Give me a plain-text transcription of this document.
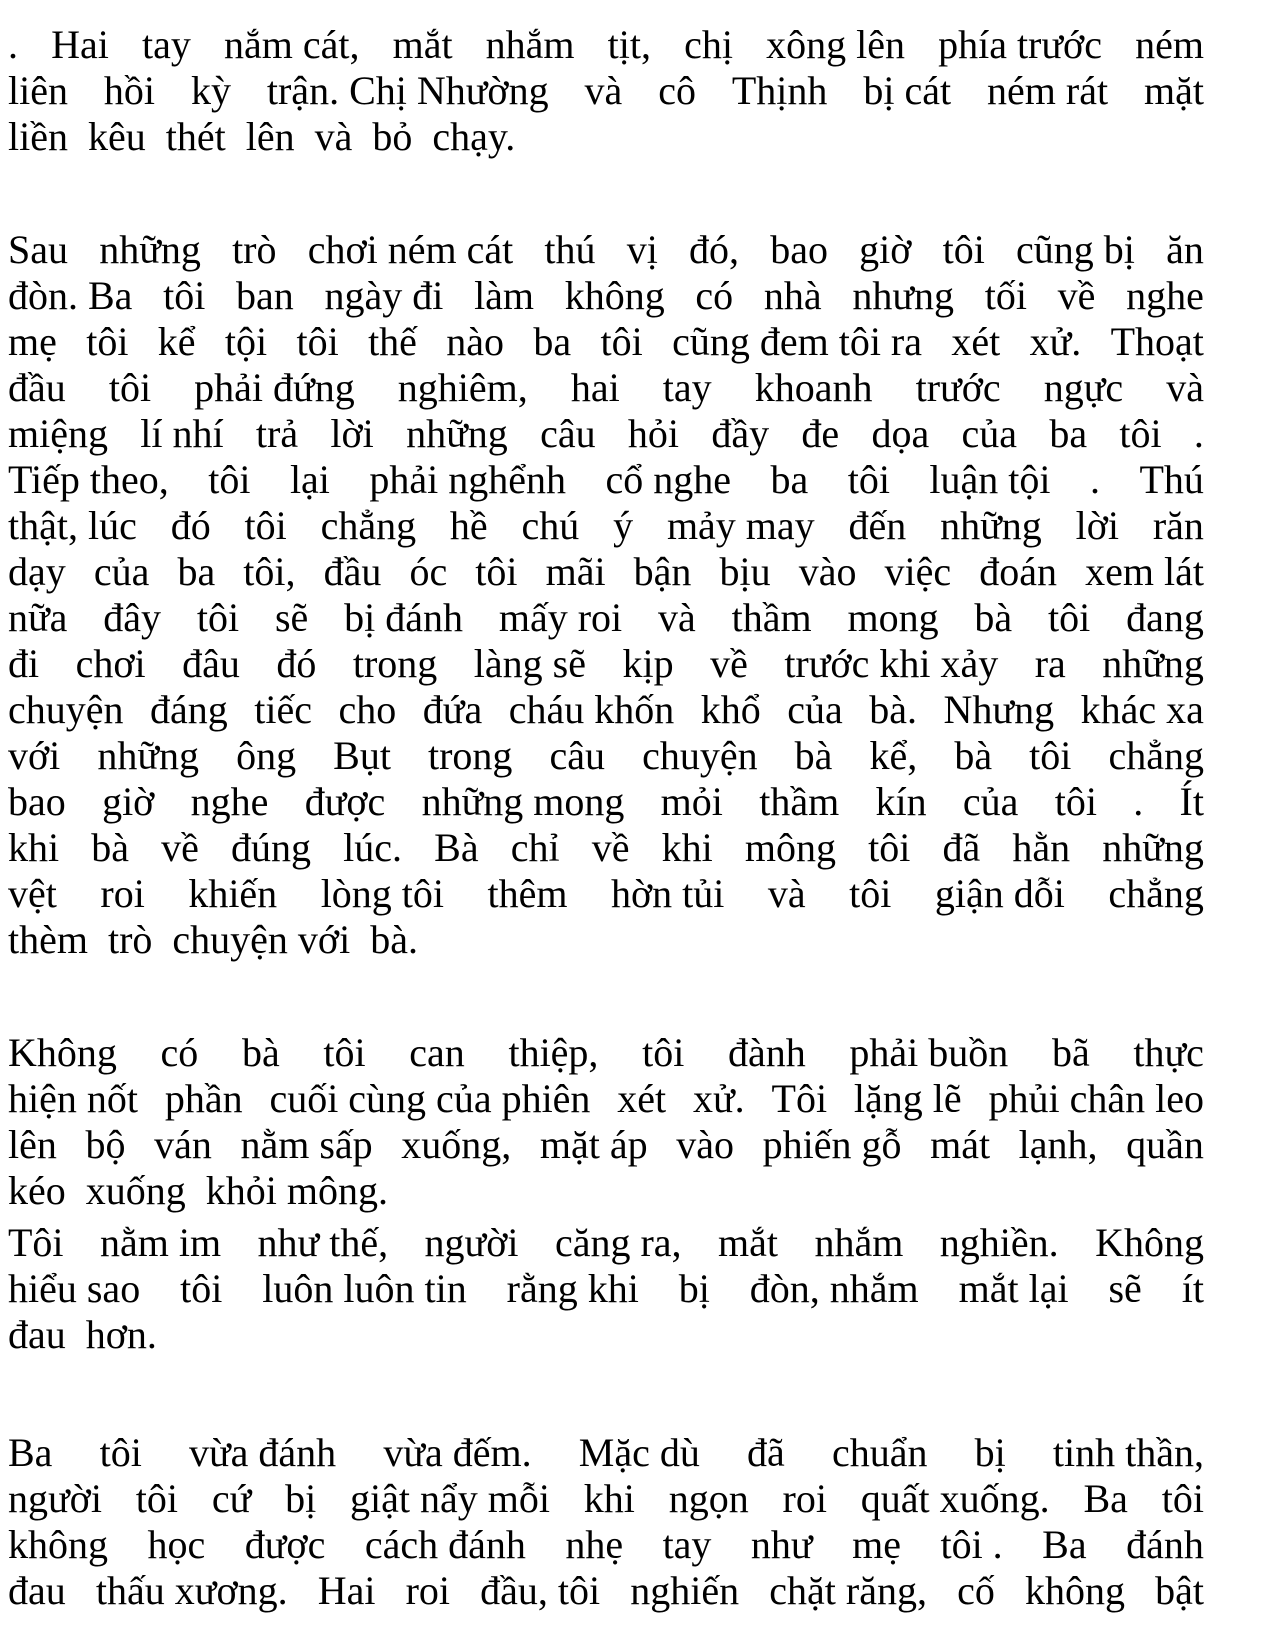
. Hai tay nắm cát, mắt nhắm tịt, chị xông lên phía trước ném
liên hồi kỳ trận. Chị Nhường và cô Thịnh bị cát ném rát mặt
liền kêu thét lên và bỏ chạy.
Sau những trò chơi ném cát thú vị đó, bao giờ tôi cũng bị ăn
đòn. Ba tôi ban ngày đi làm không có nhà nhưng tối về nghe
mẹ tôi kể tội tôi thế nào ba tôi cũng đem tôi ra xét xử. Thoạt
đầu tôi phải đứng nghiêm, hai tay khoanh trước ngực và
miệng lí nhí trả lời những câu hỏi đầy đe dọa của ba tôi .
Tiếp theo, tôi lại phải nghểnh cổ nghe ba tôi luận tội . Thú
thật, lúc đó tôi chẳng hề chú ý mảy may đến những lời răn
dạy của ba tôi, đầu óc tôi mãi bận bịu vào việc đoán xem lát
nữa đây tôi sẽ bị đánh mấy roi và thầm mong bà tôi đang
đi chơi đâu đó trong làng sẽ kịp về trước khi xảy ra những
chuyện đáng tiếc cho đứa cháu khốn khổ của bà. Nhưng khác xa
với những ông Bụt trong câu chuyện bà kể, bà tôi chẳng
bao giờ nghe được những mong mỏi thầm kín của tôi . Ít
khi bà về đúng lúc. Bà chỉ về khi mông tôi đã hằn những
vệt roi khiến lòng tôi thêm hờn tủi và tôi giận dỗi chẳng
thèm trò chuyện với bà.
Không có bà tôi can thiệp, tôi đành phải buồn bã thực
hiện nốt phần cuối cùng của phiên xét xử. Tôi lặng lẽ phủi chân leo
lên bộ ván nằm sấp xuống, mặt áp vào phiến gỗ mát lạnh, quần
kéo xuống khỏi mông.
Tôi nằm im như thế, người căng ra, mắt nhắm nghiền. Không
hiểu sao tôi luôn luôn tin rằng khi bị đòn, nhắm mắt lại sẽ ít
đau hơn.
Ba tôi vừa đánh vừa đếm. Mặc dù đã chuẩn bị tinh thần,
người tôi cứ bị giật nẩy mỗi khi ngọn roi quất xuống. Ba tôi
không học được cách đánh nhẹ tay như mẹ tôi . Ba đánh
đau thấu xương. Hai roi đầu, tôi nghiến chặt răng, cố không bật
